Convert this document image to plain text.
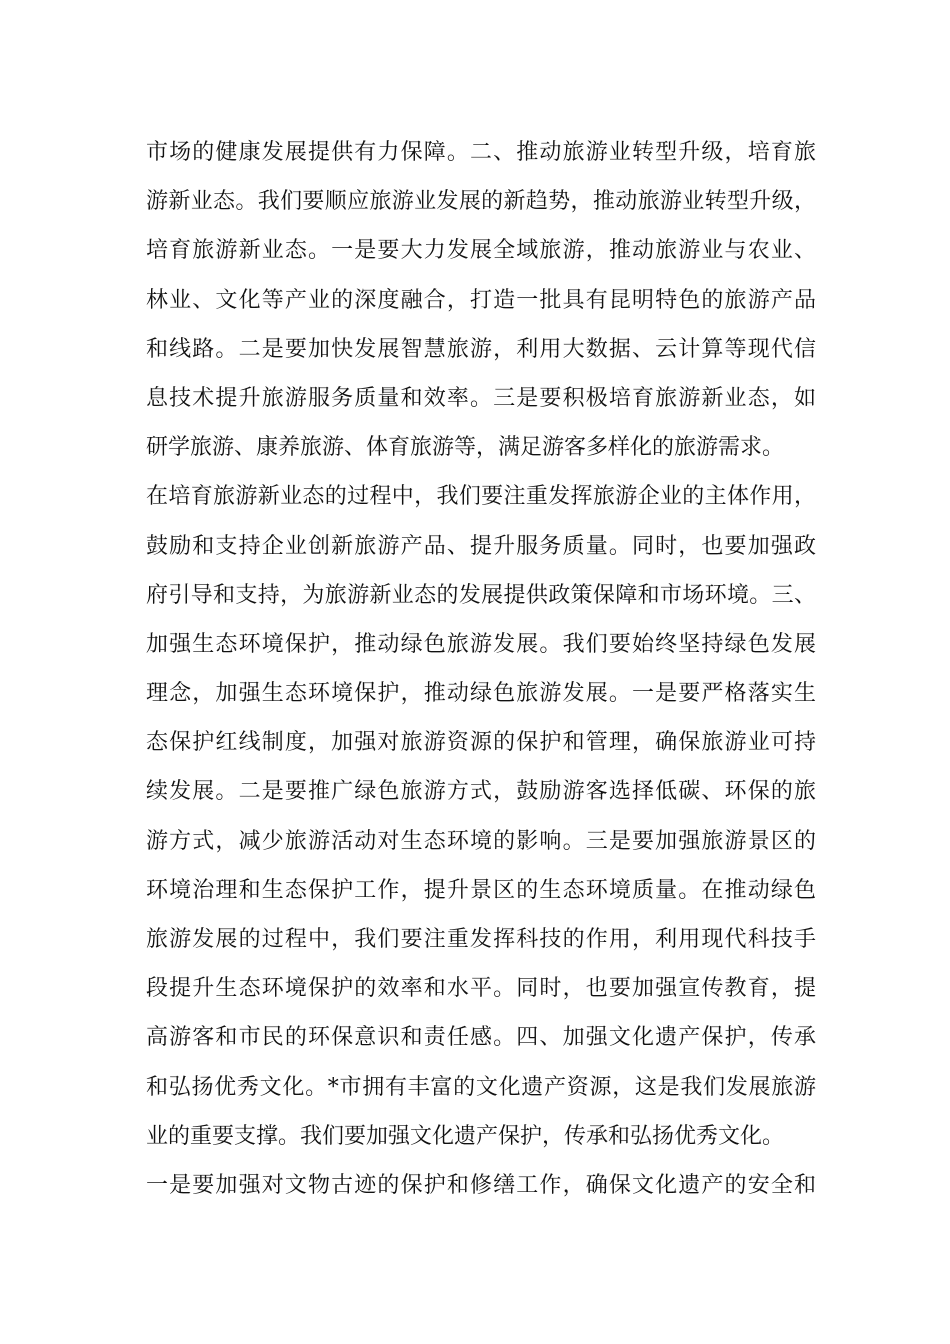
市场的健康发展提供有力保障。二、推动旅游业转型升级，培育旅
游新业态。我们要顺应旅游业发展的新趋势，推动旅游业转型升级，
培育旅游新业态。一是要大力发展全域旅游，推动旅游业与农业、
林业、文化等产业的深度融合，打造一批具有昆明特色的旅游产品
和线路。二是要加快发展智慧旅游，利用大数据、云计算等现代信
息技术提升旅游服务质量和效率。三是要积极培育旅游新业态，如
研学旅游、康养旅游、体育旅游等，满足游客多样化的旅游需求。
在培育旅游新业态的过程中，我们要注重发挥旅游企业的主体作用，
鼓励和支持企业创新旅游产品、提升服务质量。同时，也要加强政
府引导和支持，为旅游新业态的发展提供政策保障和市场环境。三、
加强生态环境保护，推动绿色旅游发展。我们要始终坚持绿色发展
理念，加强生态环境保护，推动绿色旅游发展。一是要严格落实生
态保护红线制度，加强对旅游资源的保护和管理，确保旅游业可持
续发展。二是要推广绿色旅游方式，鼓励游客选择低碳、环保的旅
游方式，减少旅游活动对生态环境的影响。三是要加强旅游景区的
环境治理和生态保护工作，提升景区的生态环境质量。在推动绿色
旅游发展的过程中，我们要注重发挥科技的作用，利用现代科技手
段提升生态环境保护的效率和水平。同时，也要加强宣传教育，提
高游客和市民的环保意识和责任感。四、加强文化遗产保护，传承
和弘扬优秀文化。*市拥有丰富的文化遗产资源，这是我们发展旅游
业的重要支撑。我们要加强文化遗产保护，传承和弘扬优秀文化。
一是要加强对文物古迹的保护和修缮工作，确保文化遗产的安全和
